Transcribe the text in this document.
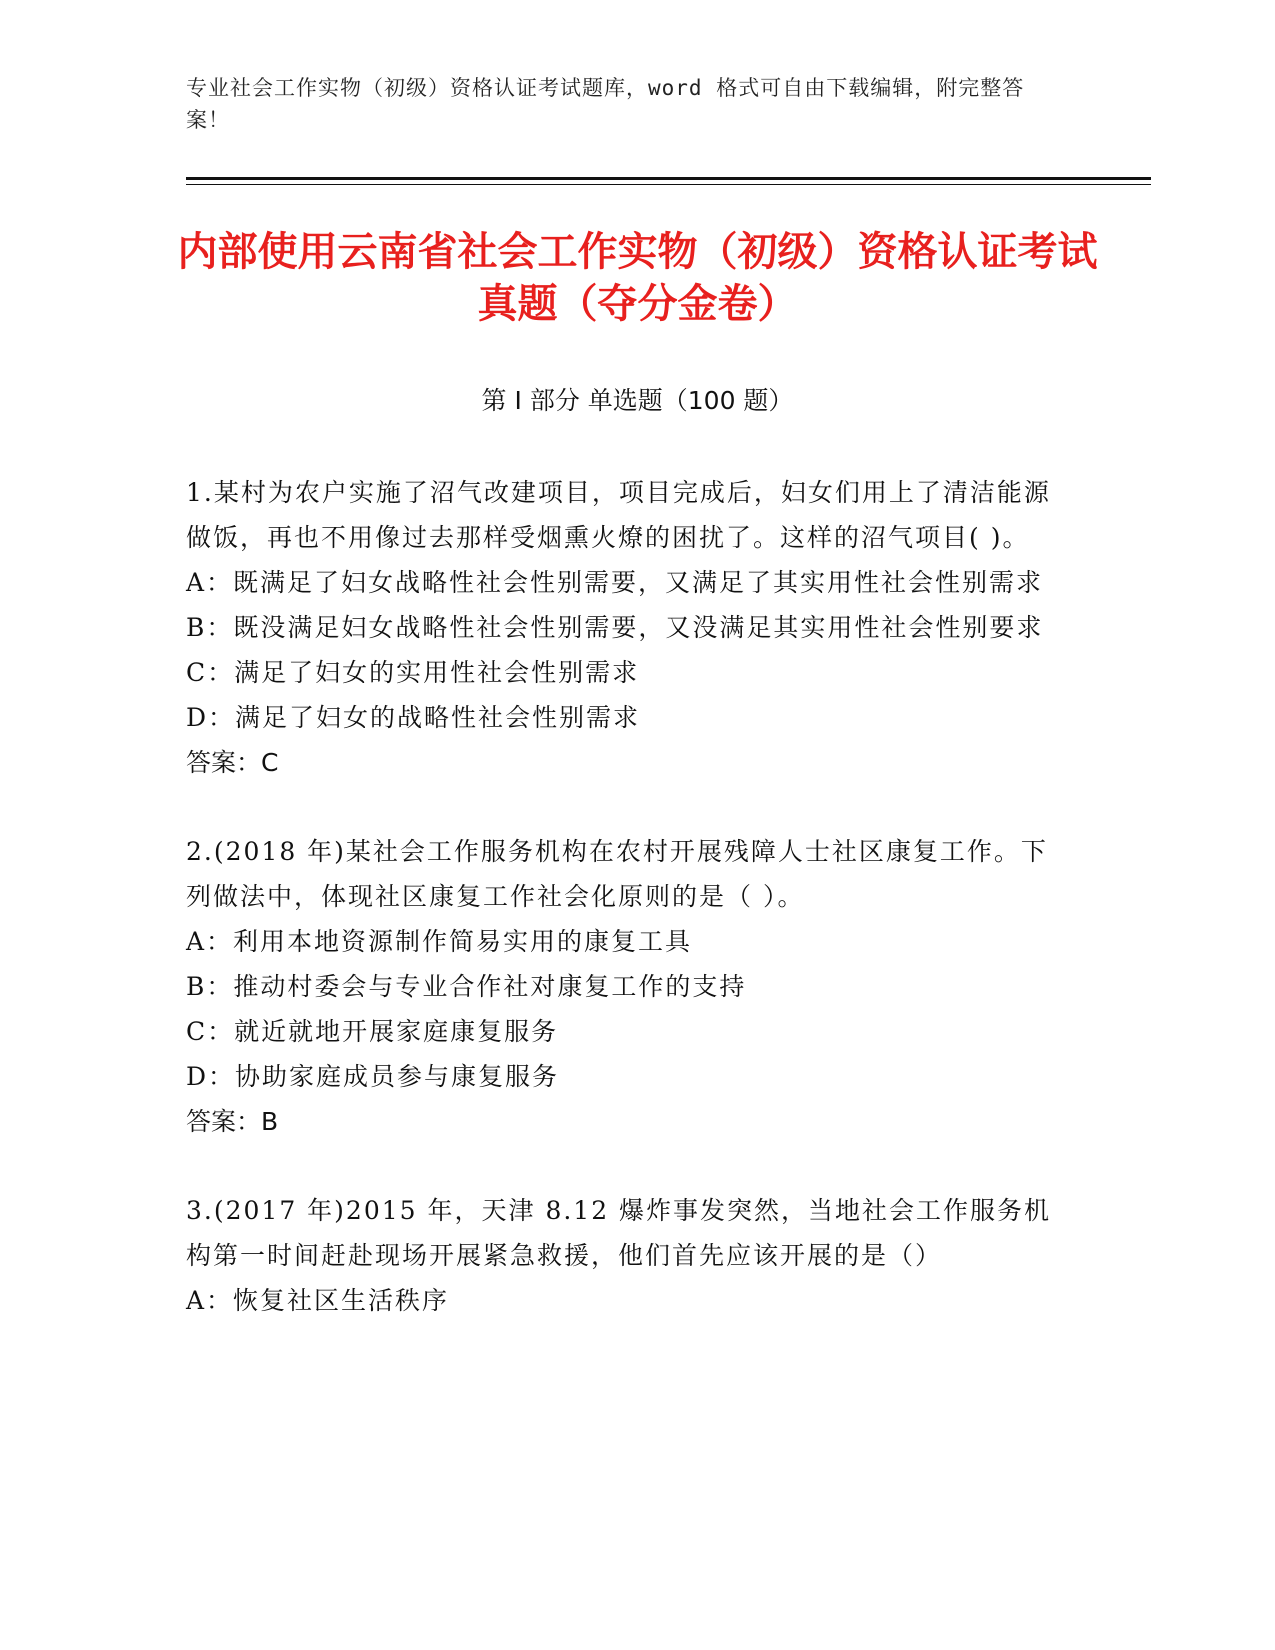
专业社会工作实物（初级）资格认证考试题库，word 格式可自由下载编辑，附完整答案！
内部使用云南省社会工作实物（初级）资格认证考试真题（夺分金卷）
第 I 部分 单选题（100 题）

1.某村为农户实施了沼气改建项目，项目完成后，妇女们用上了清洁能源做饭，再也不用像过去那样受烟熏火燎的困扰了。这样的沼气项目( )。

A：既满足了妇女战略性社会性别需要，又满足了其实用性社会性别需求

B：既没满足妇女战略性社会性别需要，又没满足其实用性社会性别要求

C：满足了妇女的实用性社会性别需求

D：满足了妇女的战略性社会性别需求

答案：C

2.(2018 年)某社会工作服务机构在农村开展残障人士社区康复工作。下列做法中，体现社区康复工作社会化原则的是（ ）。

A：利用本地资源制作简易实用的康复工具

B：推动村委会与专业合作社对康复工作的支持

C：就近就地开展家庭康复服务

D：协助家庭成员参与康复服务

答案：B

3.(2017 年)2015 年，天津 8.12 爆炸事发突然，当地社会工作服务机构第一时间赶赴现场开展紧急救援，他们首先应该开展的是（）

A：恢复社区生活秩序
